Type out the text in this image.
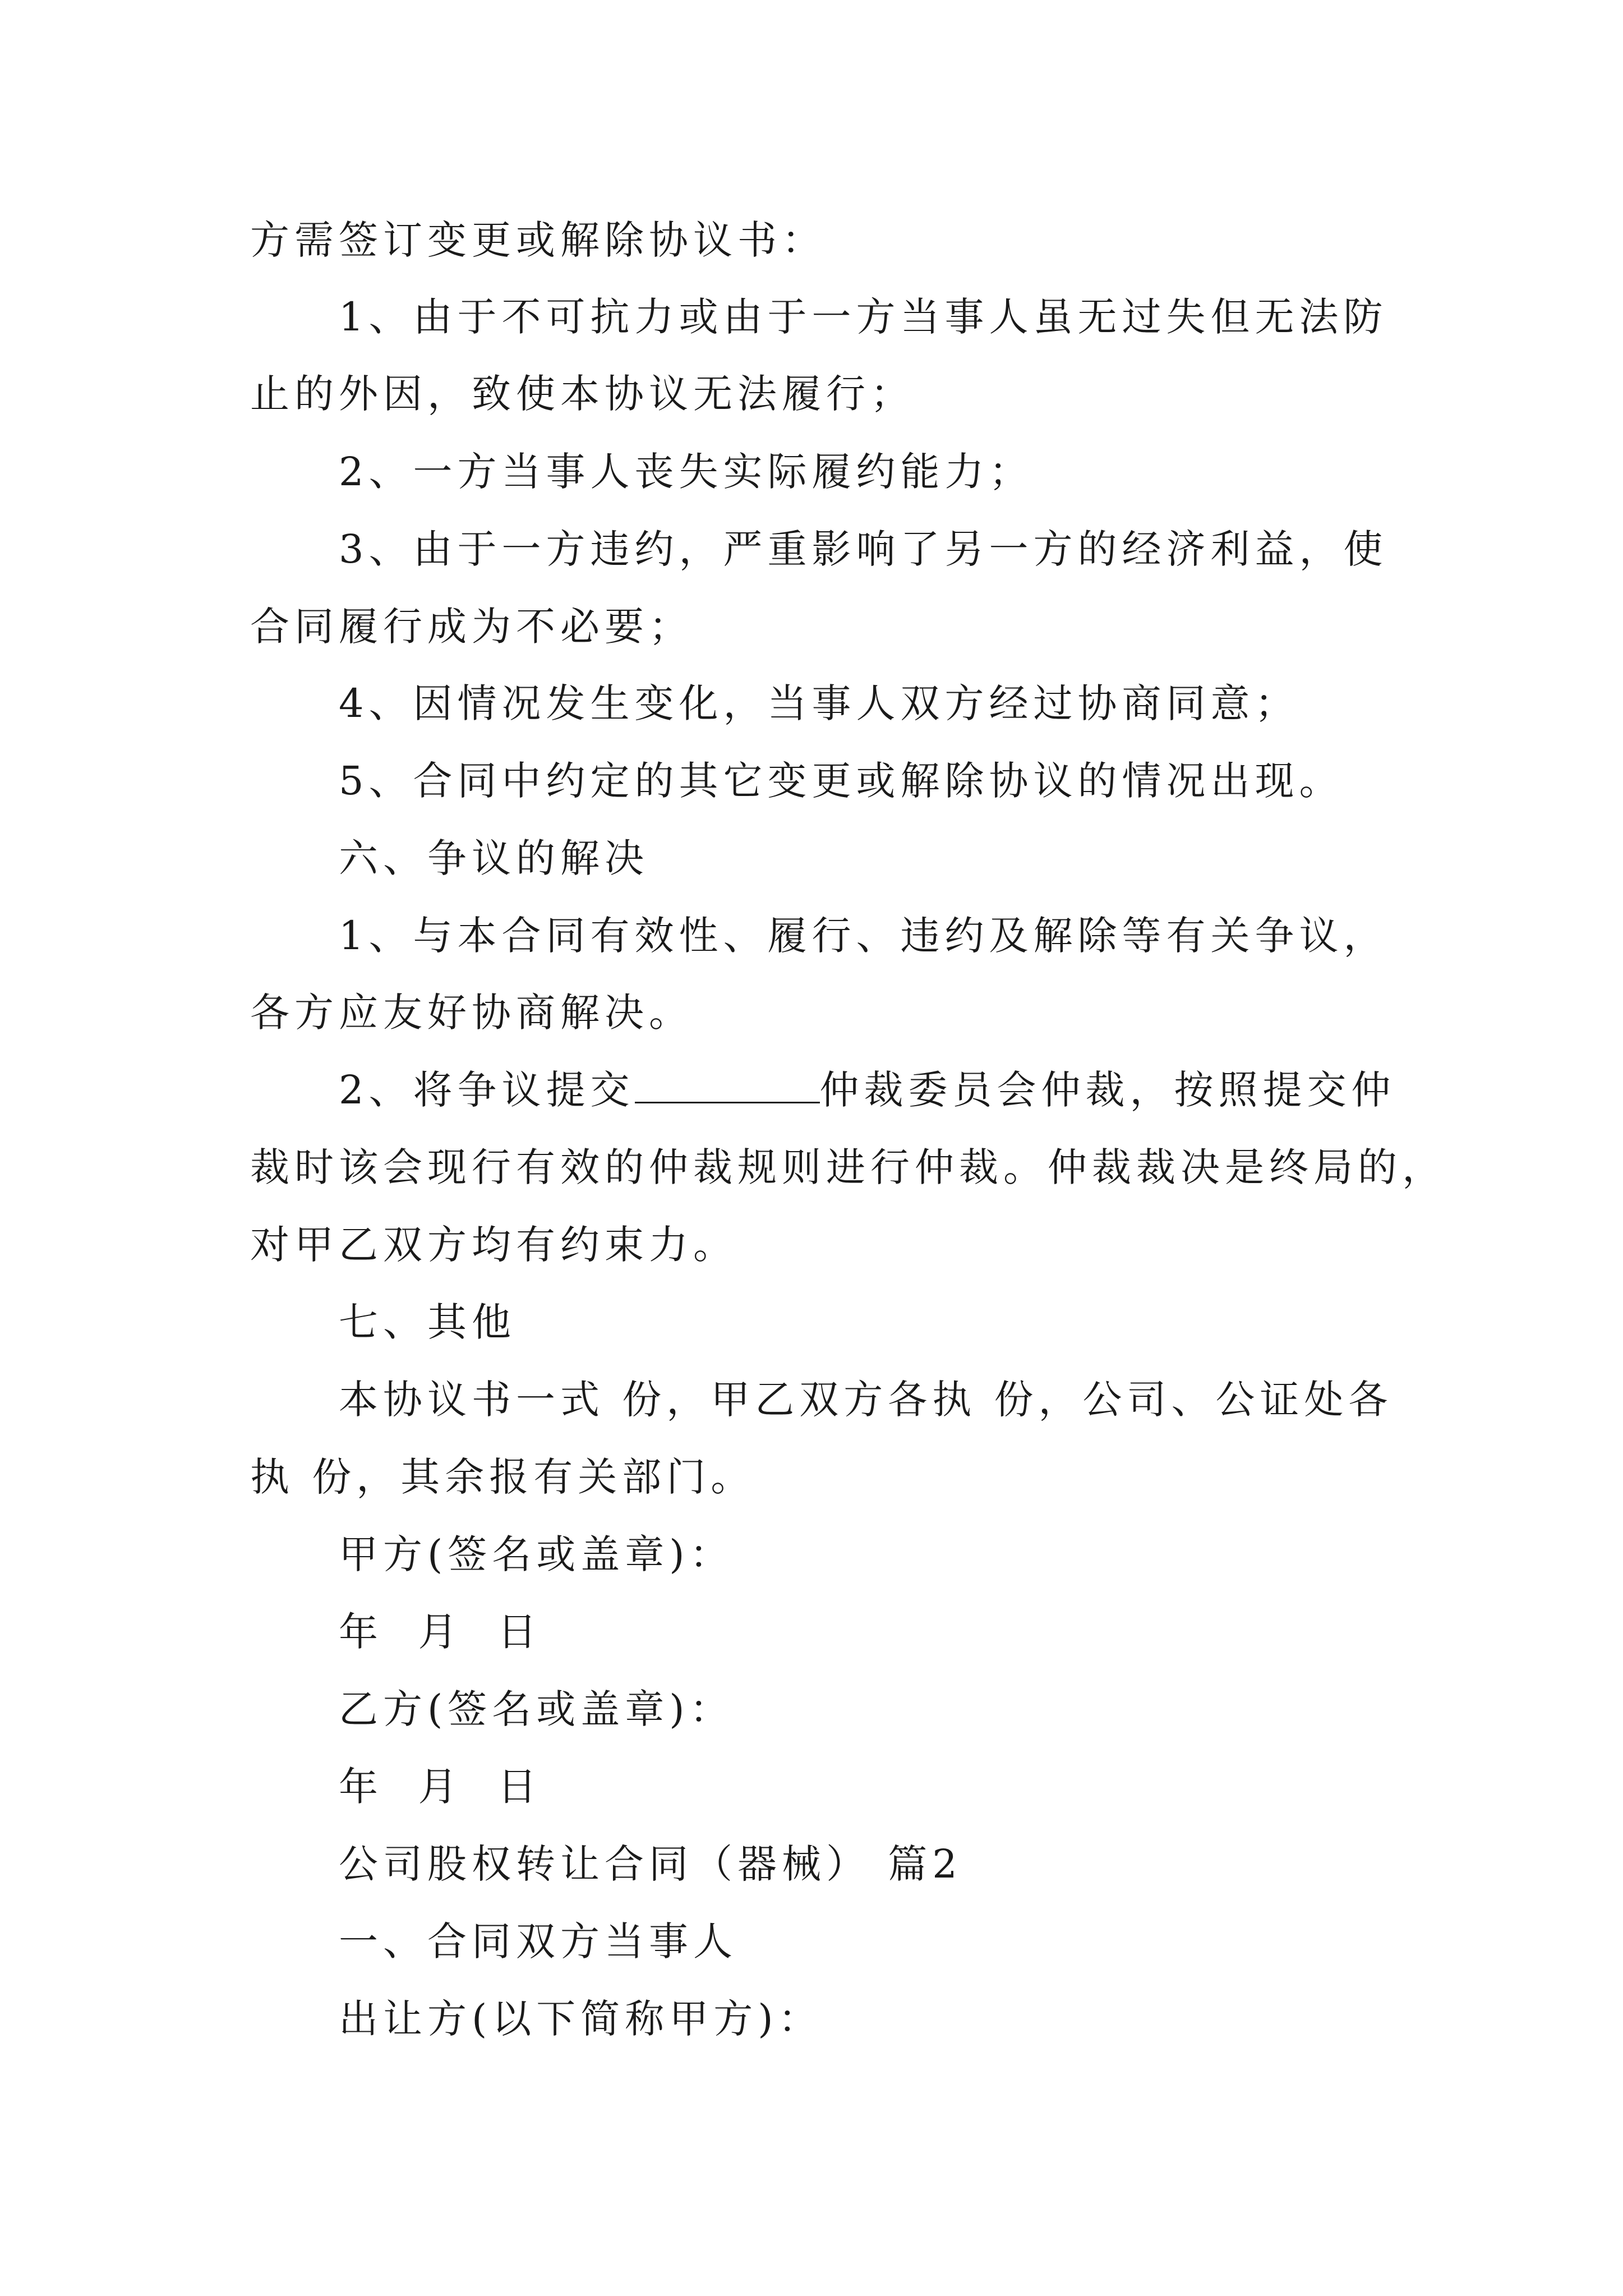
方需签订变更或解除协议书：
1、由于不可抗力或由于一方当事人虽无过失但无法防
止的外因，致使本协议无法履行；
2、一方当事人丧失实际履约能力；
3、由于一方违约，严重影响了另一方的经济利益，使
合同履行成为不必要；
4、因情况发生变化，当事人双方经过协商同意；
5、合同中约定的其它变更或解除协议的情况出现。
六、争议的解决
1、与本合同有效性、履行、违约及解除等有关争议，
各方应友好协商解决。
2、将争议提交	仲裁委员会仲裁，按照提交仲
裁时该会现行有效的仲裁规则进行仲裁。仲裁裁决是终局的，
对甲乙双方均有约束力。
七、其他
本协议书一式 份，甲乙双方各执 份，公司、公证处各
执 份，其余报有关部门。
甲方(签名或盖章)：
年  月  日
乙方(签名或盖章)：
年  月  日
公司股权转让合同（器械） 篇2
一、合同双方当事人
出让方(以下简称甲方)：
